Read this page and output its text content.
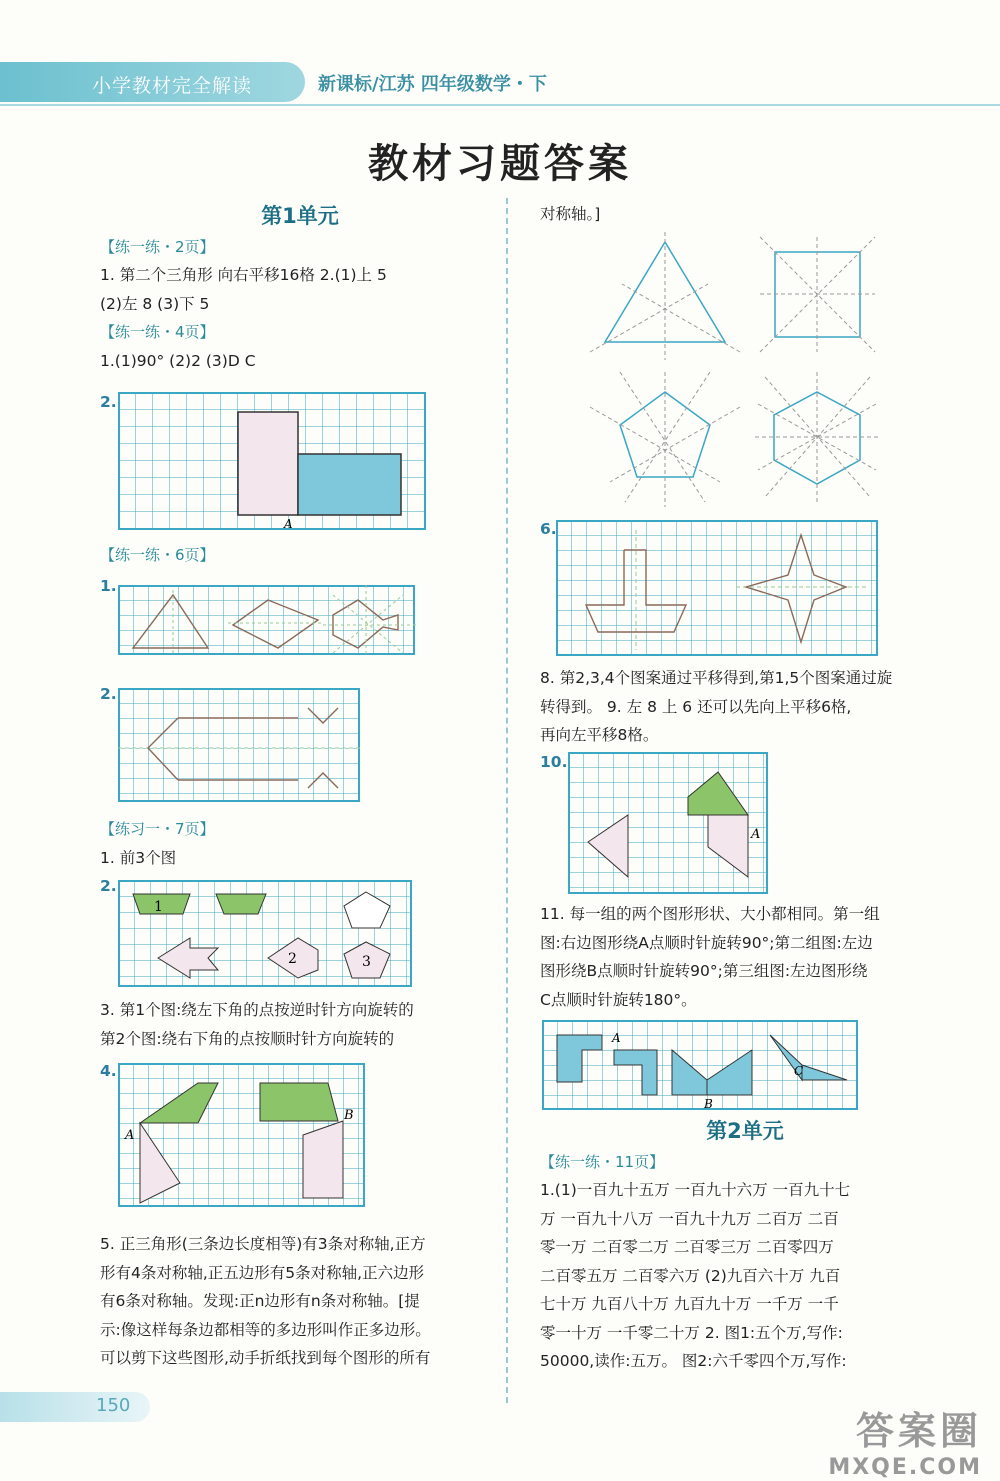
小学教材完全解读	新课标/江苏 四年级数学・下
教材习题答案
第1单元
【练一练・2页】
1. 第二个三角形 向右平移16格 2.(1)上 5
(2)左 8 (3)下 5
【练一练・4页】
1.(1)90° (2)2 (3)D C
2.
A
【练一练・6页】
1.
2.
【练习一・7页】
1. 前3个图
2.
1
2	3
3. 第1个图:绕左下角的点按逆时针方向旋转的
第2个图:绕右下角的点按顺时针方向旋转的
4.
A
B
5. 正三角形(三条边长度相等)有3条对称轴,正方
形有4条对称轴,正五边形有5条对称轴,正六边形
有6条对称轴。发现:正n边形有n条对称轴。[提
示:像这样每条边都相等的多边形叫作正多边形。
可以剪下这些图形,动手折纸找到每个图形的所有
对称轴。]
6.
8. 第2,3,4个图案通过平移得到,第1,5个图案通过旋
转得到。 9. 左 8 上 6 还可以先向上平移6格,
再向左平移8格。
10.
A
11. 每一组的两个图形形状、大小都相同。第一组
图:右边图形绕A点顺时针旋转90°;第二组图:左边
图形绕B点顺时针旋转90°;第三组图:左边图形绕
C点顺时针旋转180°。
A
B
C
第2单元
【练一练・11页】
1.(1)一百九十五万 一百九十六万 一百九十七
万 一百九十八万 一百九十九万 二百万 二百
零一万 二百零二万 二百零三万 二百零四万
二百零五万 二百零六万 (2)九百六十万 九百
七十万 九百八十万 九百九十万 一千万 一千
零一十万 一千零二十万 2. 图1:五个万,写作:
50000,读作:五万。 图2:六千零四个万,写作:
150
答案圈
MXQE.COM
